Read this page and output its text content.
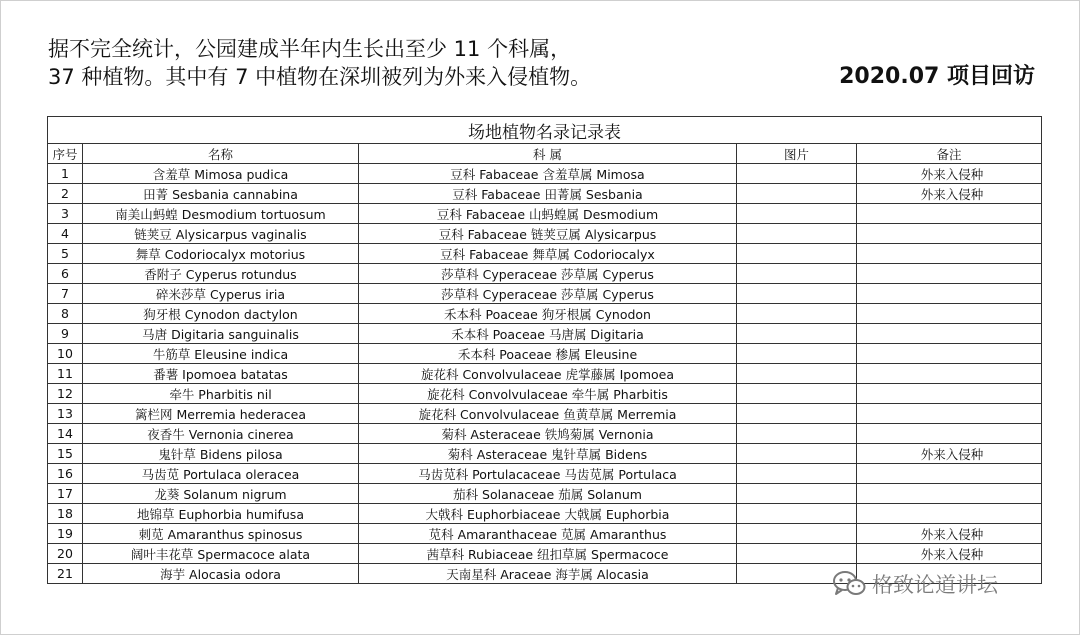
据不完全统计，公园建成半年内生长出至少 11 个科属，
37 种植物。其中有 7 中植物在深圳被列为外来入侵植物。	2020.07 项目回访
场地植物名录记录表				
序号	名称	科 属	图片	备注
1	含羞草 Mimosa pudica	豆科 Fabaceae 含羞草属 Mimosa		外来入侵种
2	田菁 Sesbania cannabina	豆科 Fabaceae 田菁属 Sesbania		外来入侵种
3	南美山蚂蝗 Desmodium tortuosum	豆科 Fabaceae 山蚂蝗属 Desmodium		
4	链荚豆 Alysicarpus vaginalis	豆科 Fabaceae 链荚豆属 Alysicarpus		
5	舞草 Codoriocalyx motorius	豆科 Fabaceae 舞草属 Codoriocalyx		
6	香附子 Cyperus rotundus	莎草科 Cyperaceae 莎草属 Cyperus		
7	碎米莎草 Cyperus iria	莎草科 Cyperaceae 莎草属 Cyperus		
8	狗牙根 Cynodon dactylon	禾本科 Poaceae 狗牙根属 Cynodon		
9	马唐 Digitaria sanguinalis	禾本科 Poaceae 马唐属 Digitaria		
10	牛筋草 Eleusine indica	禾本科 Poaceae 䅟属 Eleusine		
11	番薯 Ipomoea batatas	旋花科 Convolvulaceae 虎掌藤属 Ipomoea		
12	牵牛 Pharbitis nil	旋花科 Convolvulaceae 牵牛属 Pharbitis		
13	篱栏网 Merremia hederacea	旋花科 Convolvulaceae 鱼黄草属 Merremia		
14	夜香牛 Vernonia cinerea	菊科 Asteraceae 铁鸠菊属 Vernonia		
15	鬼针草 Bidens pilosa	菊科 Asteraceae 鬼针草属 Bidens		外来入侵种
16	马齿苋 Portulaca oleracea	马齿苋科 Portulacaceae 马齿苋属 Portulaca		
17	龙葵 Solanum nigrum	茄科 Solanaceae 茄属 Solanum		
18	地锦草 Euphorbia humifusa	大戟科 Euphorbiaceae 大戟属 Euphorbia		
19	刺苋 Amaranthus spinosus	苋科 Amaranthaceae 苋属 Amaranthus		外来入侵种
20	阔叶丰花草 Spermacoce alata	茜草科 Rubiaceae 纽扣草属 Spermacoce		外来入侵种
21	海芋 Alocasia odora	天南星科 Araceae 海芋属 Alocasia			格致论道讲坛
